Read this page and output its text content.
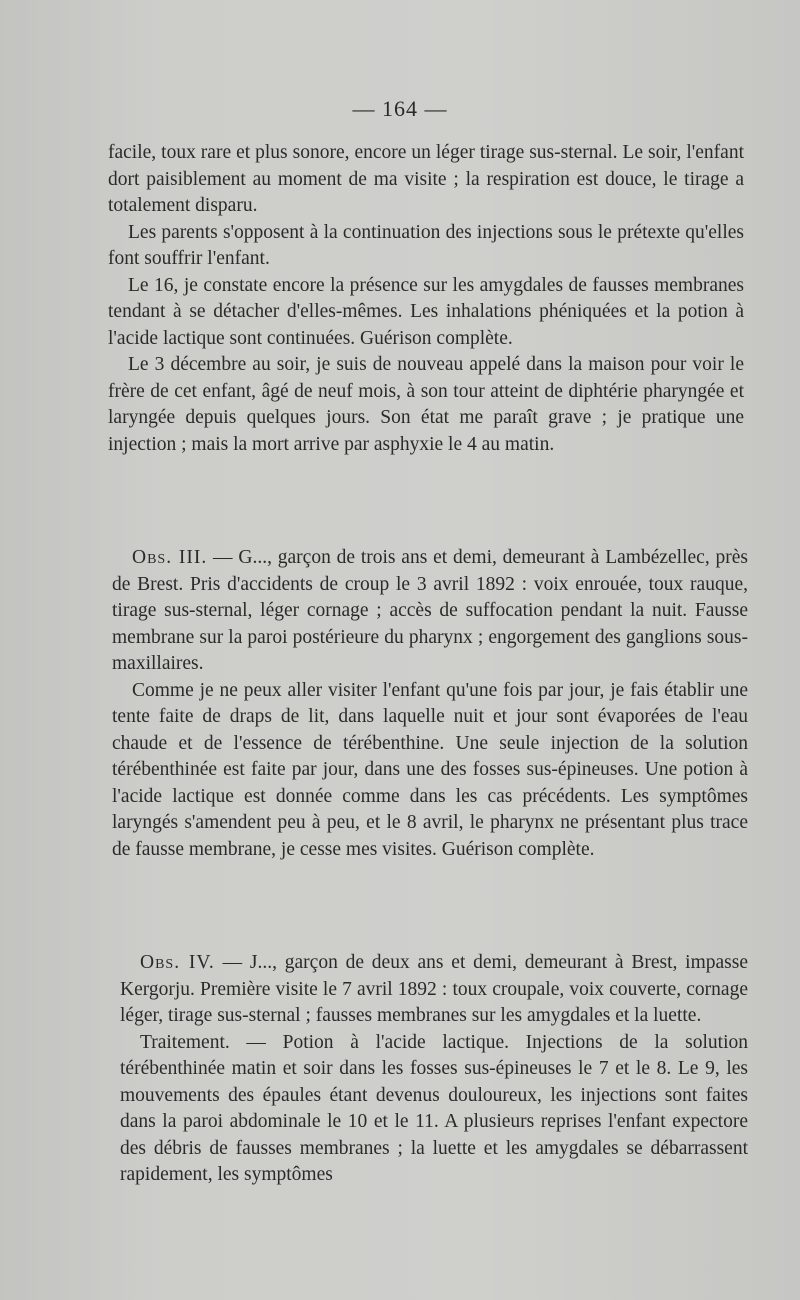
— 164 —

facile, toux rare et plus sonore, encore un léger tirage sus-sternal. Le soir, l'enfant dort paisiblement au moment de ma visite ; la respiration est douce, le tirage a totalement disparu.

Les parents s'opposent à la continuation des injections sous le prétexte qu'elles font souffrir l'enfant.

Le 16, je constate encore la présence sur les amygdales de fausses membranes tendant à se détacher d'elles-mêmes. Les inhalations phéniquées et la potion à l'acide lactique sont continuées. Guérison complète.

Le 3 décembre au soir, je suis de nouveau appelé dans la maison pour voir le frère de cet enfant, âgé de neuf mois, à son tour atteint de diphtérie pharyngée et laryngée depuis quelques jours. Son état me paraît grave ; je pratique une injection ; mais la mort arrive par asphyxie le 4 au matin.

Obs. III. — G..., garçon de trois ans et demi, demeurant à Lambézellec, près de Brest. Pris d'accidents de croup le 3 avril 1892 : voix enrouée, toux rauque, tirage sus-sternal, léger cornage ; accès de suffocation pendant la nuit. Fausse membrane sur la paroi postérieure du pharynx ; engorgement des ganglions sous-maxillaires.

Comme je ne peux aller visiter l'enfant qu'une fois par jour, je fais établir une tente faite de draps de lit, dans laquelle nuit et jour sont évaporées de l'eau chaude et de l'essence de térébenthine. Une seule injection de la solution térébenthinée est faite par jour, dans une des fosses sus-épineuses. Une potion à l'acide lactique est donnée comme dans les cas précédents. Les symptômes laryngés s'amendent peu à peu, et le 8 avril, le pharynx ne présentant plus trace de fausse membrane, je cesse mes visites. Guérison complète.

Obs. IV. — J..., garçon de deux ans et demi, demeurant à Brest, impasse Kergorju. Première visite le 7 avril 1892 : toux croupale, voix couverte, cornage léger, tirage sus-sternal ; fausses membranes sur les amygdales et la luette.

Traitement. — Potion à l'acide lactique. Injections de la solution térébenthinée matin et soir dans les fosses sus-épineuses le 7 et le 8. Le 9, les mouvements des épaules étant devenus douloureux, les injections sont faites dans la paroi abdominale le 10 et le 11. A plusieurs reprises l'enfant expectore des débris de fausses membranes ; la luette et les amygdales se débarrassent rapidement, les symptômes
